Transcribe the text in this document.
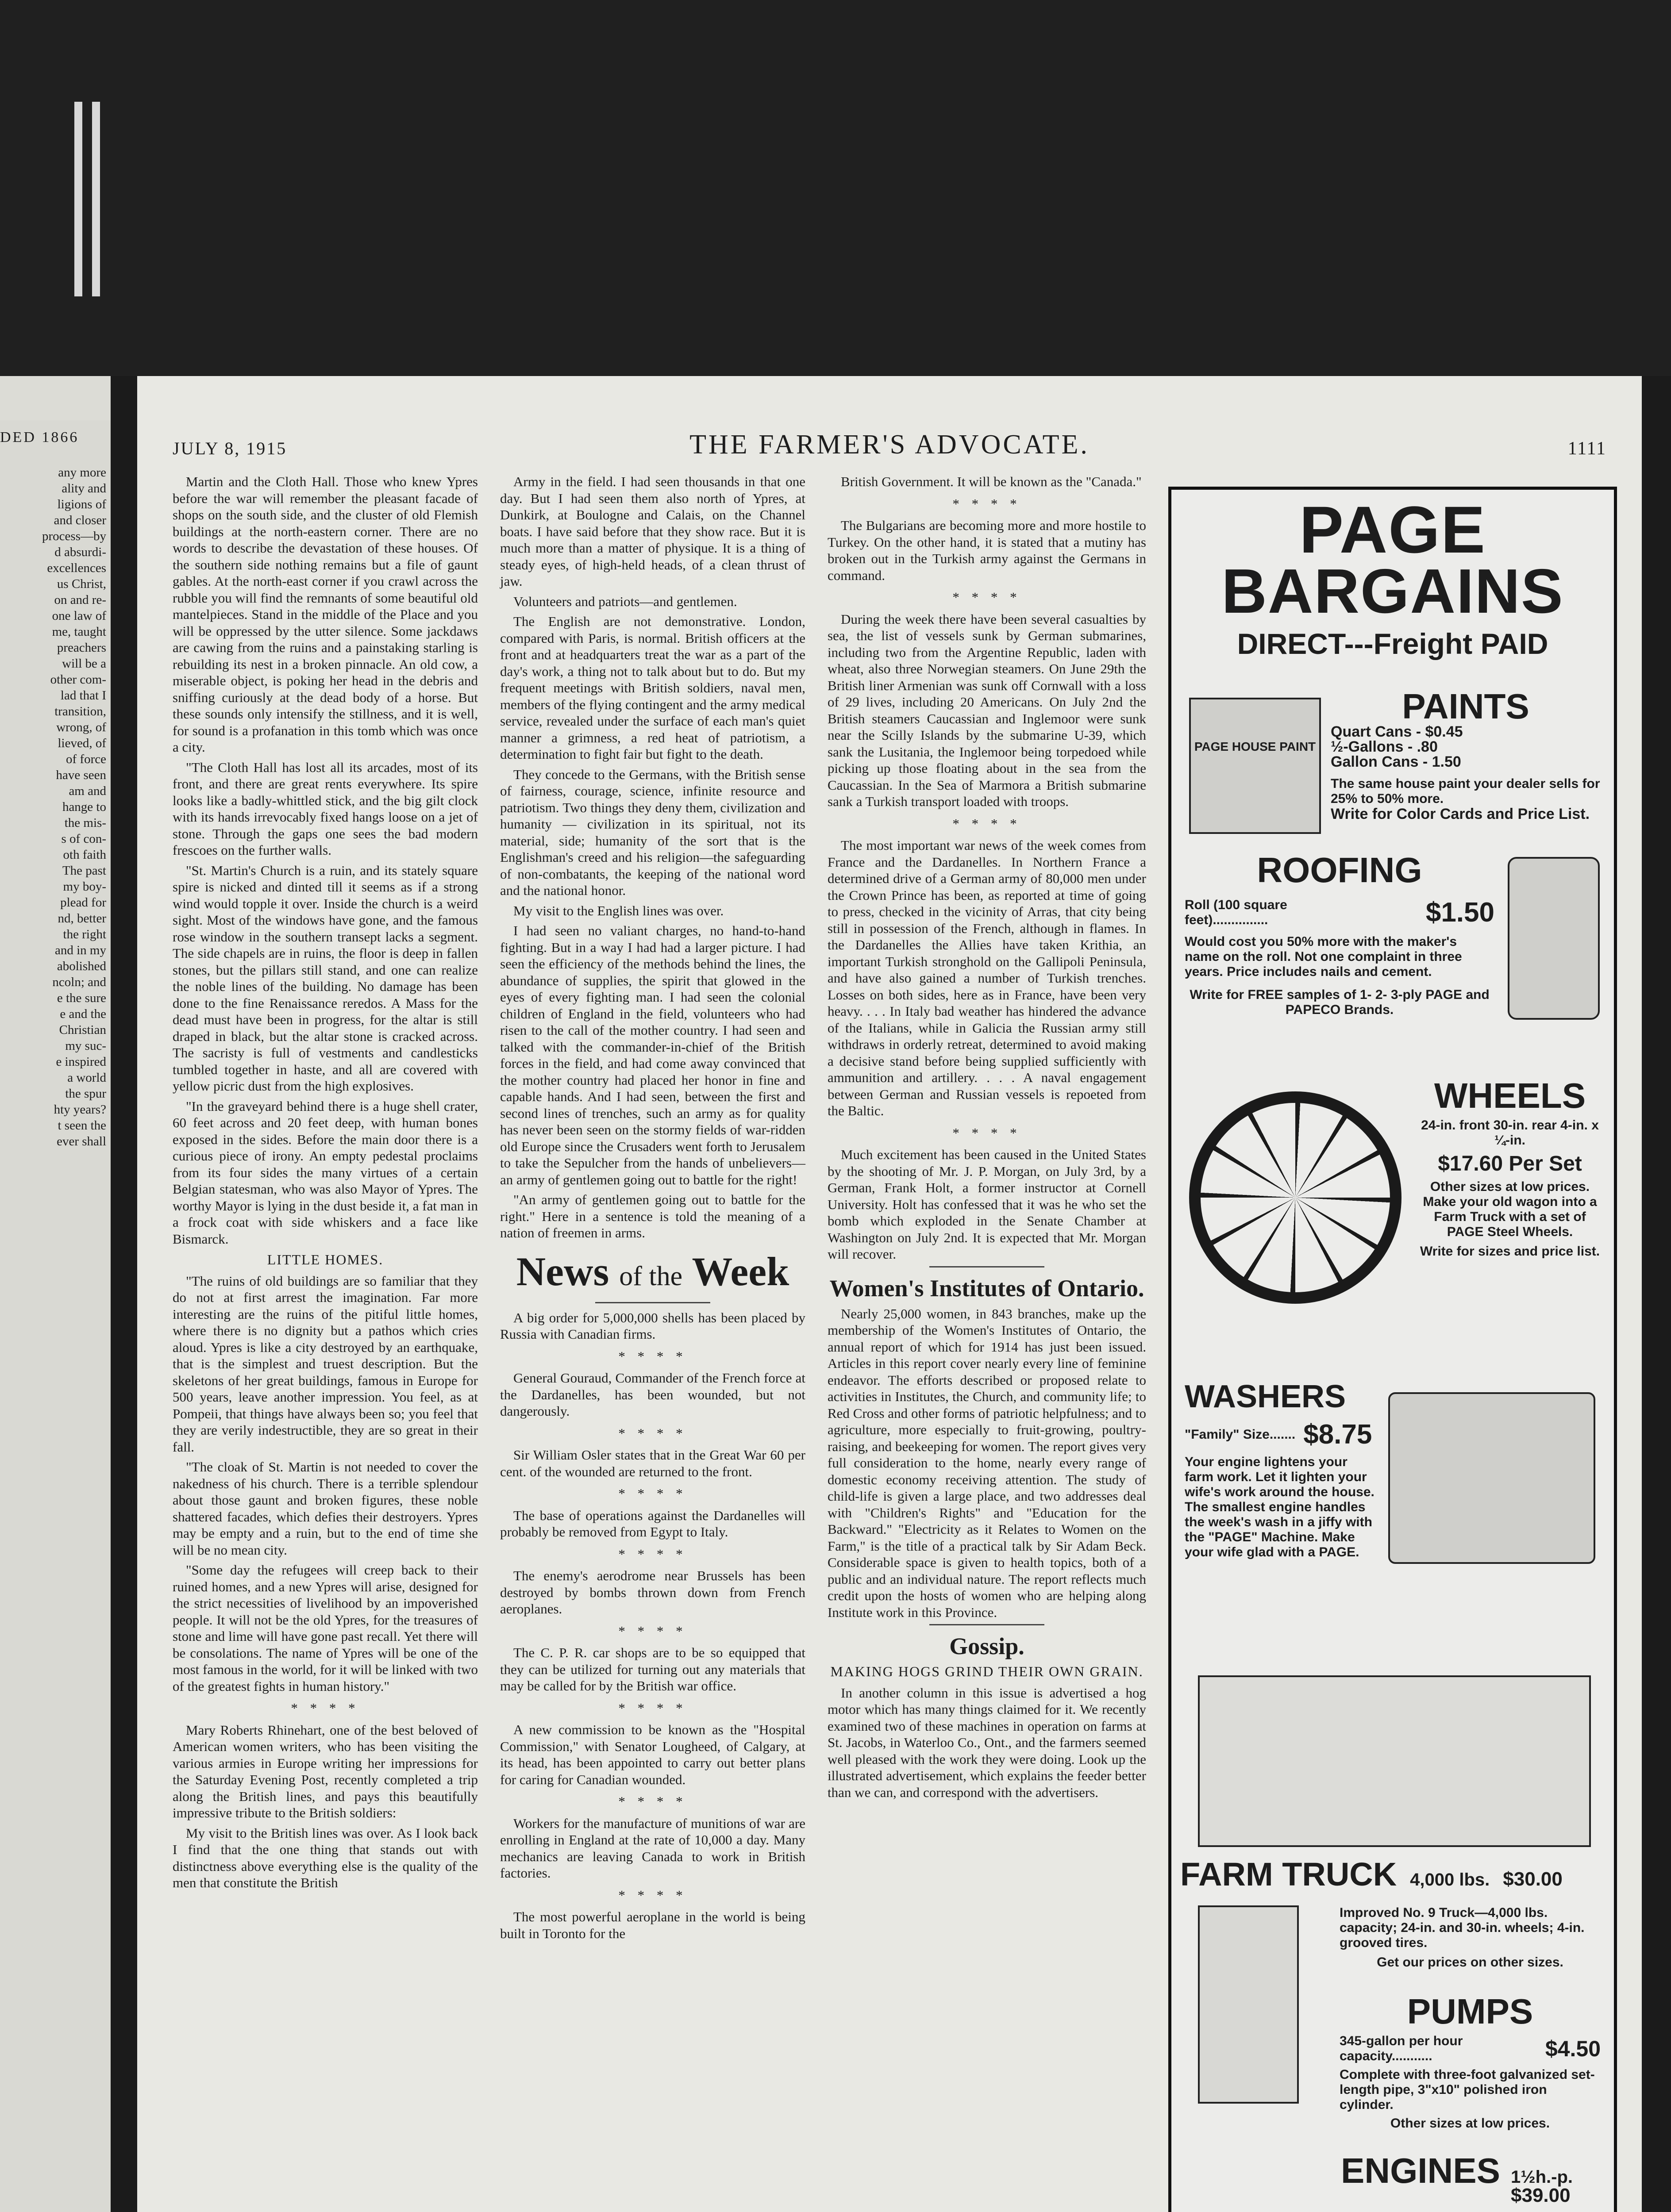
DED 1866
any more
ality and
ligions of
and closer
process—by
d absurdi-
excellences
us Christ,
on and re-
one law of
me, taught
preachers
will be a
other com-
lad that I
transition,
wrong, of
lieved, of
of force
have seen
am and
hange to
the mis-
s of con-
oth faith
The past
my boy-
plead for
nd, better
the right
and in my
abolished
ncoln; and
e the sure
e and the
Christian
my suc-
e inspired
a world
the spur
hty years?
t seen the
ever shall
THE FARMER'S ADVOCATE.
JULY 8, 1915	1111

Martin and the Cloth Hall. Those who knew Ypres before the war will remember the pleasant facade of shops on the south side, and the cluster of old Flemish buildings at the north-eastern corner. There are no words to describe the devastation of these houses. Of the southern side nothing remains but a file of gaunt gables. At the north-east corner if you crawl across the rubble you will find the remnants of some beautiful old mantelpieces. Stand in the middle of the Place and you will be oppressed by the utter silence. Some jackdaws are cawing from the ruins and a painstaking starling is rebuilding its nest in a broken pinnacle. An old cow, a miserable object, is poking her head in the debris and sniffing curiously at the dead body of a horse. But these sounds only intensify the stillness, and it is well, for sound is a profanation in this tomb which was once a city.

"The Cloth Hall has lost all its arcades, most of its front, and there are great rents everywhere. Its spire looks like a badly-whittled stick, and the big gilt clock with its hands irrevocably fixed hangs loose on a jet of stone. Through the gaps one sees the bad modern frescoes on the further walls.

"St. Martin's Church is a ruin, and its stately square spire is nicked and dinted till it seems as if a strong wind would topple it over. Inside the church is a weird sight. Most of the windows have gone, and the famous rose window in the southern transept lacks a segment. The side chapels are in ruins, the floor is deep in fallen stones, but the pillars still stand, and one can realize the noble lines of the building. No damage has been done to the fine Renaissance reredos. A Mass for the dead must have been in progress, for the altar is still draped in black, but the altar stone is cracked across. The sacristy is full of vestments and candlesticks tumbled together in haste, and all are covered with yellow picric dust from the high explosives.

"In the graveyard behind there is a huge shell crater, 60 feet across and 20 feet deep, with human bones exposed in the sides. Before the main door there is a curious piece of irony. An empty pedestal proclaims from its four sides the many virtues of a certain Belgian statesman, who was also Mayor of Ypres. The worthy Mayor is lying in the dust beside it, a fat man in a frock coat with side whiskers and a face like Bismarck.

LITTLE HOMES.

"The ruins of old buildings are so familiar that they do not at first arrest the imagination. Far more interesting are the ruins of the pitiful little homes, where there is no dignity but a pathos which cries aloud. Ypres is like a city destroyed by an earthquake, that is the simplest and truest description. But the skeletons of her great buildings, famous in Europe for 500 years, leave another impression. You feel, as at Pompeii, that things have always been so; you feel that they are verily indestructible, they are so great in their fall.

"The cloak of St. Martin is not needed to cover the nakedness of his church. There is a terrible splendour about those gaunt and broken figures, these noble shattered facades, which defies their destroyers. Ypres may be empty and a ruin, but to the end of time she will be no mean city.

"Some day the refugees will creep back to their ruined homes, and a new Ypres will arise, designed for the strict necessities of livelihood by an impoverished people. It will not be the old Ypres, for the treasures of stone and lime will have gone past recall. Yet there will be consolations. The name of Ypres will be one of the most famous in the world, for it will be linked with two of the greatest fights in human history."

* * * *

Mary Roberts Rhinehart, one of the best beloved of American women writers, who has been visiting the various armies in Europe writing her impressions for the Saturday Evening Post, recently completed a trip along the British lines, and pays this beautifully impressive tribute to the British soldiers:

My visit to the British lines was over. As I look back I find that the one thing that stands out with distinctness above everything else is the quality of the men that constitute the British

Army in the field. I had seen thousands in that one day. But I had seen them also north of Ypres, at Dunkirk, at Boulogne and Calais, on the Channel boats. I have said before that they show race. But it is much more than a matter of physique. It is a thing of steady eyes, of high-held heads, of a clean thrust of jaw.

Volunteers and patriots—and gentlemen.

The English are not demonstrative. London, compared with Paris, is normal. British officers at the front and at headquarters treat the war as a part of the day's work, a thing not to talk about but to do. But my frequent meetings with British soldiers, naval men, members of the flying contingent and the army medical service, revealed under the surface of each man's quiet manner a grimness, a red heat of patriotism, a determination to fight fair but fight to the death.

They concede to the Germans, with the British sense of fairness, courage, science, infinite resource and patriotism. Two things they deny them, civilization and humanity — civilization in its spiritual, not its material, side; humanity of the sort that is the Englishman's creed and his religion—the safeguarding of non-combatants, the keeping of the national word and the national honor.

My visit to the English lines was over.

I had seen no valiant charges, no hand-to-hand fighting. But in a way I had had a larger picture. I had seen the efficiency of the methods behind the lines, the abundance of supplies, the spirit that glowed in the eyes of every fighting man. I had seen the colonial children of England in the field, volunteers who had risen to the call of the mother country. I had seen and talked with the commander-in-chief of the British forces in the field, and had come away convinced that the mother country had placed her honor in fine and capable hands. And I had seen, between the first and second lines of trenches, such an army as for quality has never been seen on the stormy fields of war-ridden old Europe since the Crusaders went forth to Jerusalem to take the Sepulcher from the hands of unbelievers—an army of gentlemen going out to battle for the right!

"An army of gentlemen going out to battle for the right." Here in a sentence is told the meaning of a nation of freemen in arms.

News of the Week

A big order for 5,000,000 shells has been placed by Russia with Canadian firms.

* * * *

General Gouraud, Commander of the French force at the Dardanelles, has been wounded, but not dangerously.

* * * *

Sir William Osler states that in the Great War 60 per cent. of the wounded are returned to the front.

* * * *

The base of operations against the Dardanelles will probably be removed from Egypt to Italy.

* * * *

The enemy's aerodrome near Brussels has been destroyed by bombs thrown down from French aeroplanes.

* * * *

The C. P. R. car shops are to be so equipped that they can be utilized for turning out any materials that may be called for by the British war office.

* * * *

A new commission to be known as the "Hospital Commission," with Senator Lougheed, of Calgary, at its head, has been appointed to carry out better plans for caring for Canadian wounded.

* * * *

Workers for the manufacture of munitions of war are enrolling in England at the rate of 10,000 a day. Many mechanics are leaving Canada to work in British factories.

* * * *

The most powerful aeroplane in the world is being built in Toronto for the

British Government. It will be known as the "Canada."

* * * *

The Bulgarians are becoming more and more hostile to Turkey. On the other hand, it is stated that a mutiny has broken out in the Turkish army against the Germans in command.

* * * *

During the week there have been several casualties by sea, the list of vessels sunk by German submarines, including two from the Argentine Republic, laden with wheat, also three Norwegian steamers. On June 29th the British liner Armenian was sunk off Cornwall with a loss of 29 lives, including 20 Americans. On July 2nd the British steamers Caucassian and Inglemoor were sunk near the Scilly Islands by the submarine U-39, which sank the Lusitania, the Inglemoor being torpedoed while picking up those floating about in the sea from the Caucassian. In the Sea of Marmora a British submarine sank a Turkish transport loaded with troops.

* * * *

The most important war news of the week comes from France and the Dardanelles. In Northern France a determined drive of a German army of 80,000 men under the Crown Prince has been, as reported at time of going to press, checked in the vicinity of Arras, that city being still in possession of the French, although in flames. In the Dardanelles the Allies have taken Krithia, an important Turkish stronghold on the Gallipoli Peninsula, and have also gained a number of Turkish trenches. Losses on both sides, here as in France, have been very heavy. . . . In Italy bad weather has hindered the advance of the Italians, while in Galicia the Russian army still withdraws in orderly retreat, determined to avoid making a decisive stand before being supplied sufficiently with ammunition and artillery. . . . A naval engagement between German and Russian vessels is repoeted from the Baltic.

* * * *

Much excitement has been caused in the United States by the shooting of Mr. J. P. Morgan, on July 3rd, by a German, Frank Holt, a former instructor at Cornell University. Holt has confessed that it was he who set the bomb which exploded in the Senate Chamber at Washington on July 2nd. It is expected that Mr. Morgan will recover.

Women's Institutes of Ontario.

Nearly 25,000 women, in 843 branches, make up the membership of the Women's Institutes of Ontario, the annual report of which for 1914 has just been issued. Articles in this report cover nearly every line of feminine endeavor. The efforts described or proposed relate to activities in Institutes, the Church, and community life; to Red Cross and other forms of patriotic helpfulness; and to agriculture, more especially to fruit-growing, poultry-raising, and beekeeping for women. The report gives very full consideration to the home, nearly every range of domestic economy receiving attention. The study of child-life is given a large place, and two addresses deal with "Children's Rights" and "Education for the Backward." "Electricity as it Relates to Women on the Farm," is the title of a practical talk by Sir Adam Beck. Considerable space is given to health topics, both of a public and an individual nature. The report reflects much credit upon the hosts of women who are helping along Institute work in this Province.

Gossip.

MAKING HOGS GRIND THEIR OWN GRAIN.

In another column in this issue is advertised a hog motor which has many things claimed for it. We recently examined two of these machines in operation on farms at St. Jacobs, in Waterloo Co., Ont., and the farmers seemed well pleased with the work they were doing. Look up the illustrated advertisement, which explains the feeder better than we can, and correspond with the advertisers.

PAGE
BARGAINS
DIRECT---Freight PAID
PAGE HOUSE PAINT
PAINTS
Quart Cans - $0.45
½-Gallons - .80
Gallon Cans - 1.50
The same house paint your dealer sells for 25% to 50% more.
Write for Color Cards and Price List.
ROOFING
Roll (100 square feet)...............	$1.50
Would cost you 50% more with the maker's name on the roll. Not one complaint in three years. Price includes nails and cement.
Write for FREE samples of 1- 2- 3-ply PAGE and PAPECO Brands.
WHEELS
24-in. front 30-in. rear 4-in. x ¼-in.
$17.60 Per Set
Other sizes at low prices. Make your old wagon into a Farm Truck with a set of PAGE Steel Wheels.
Write for sizes and price list.
WASHERS
"Family" Size....... $8.75
Your engine lightens your farm work. Let it lighten your wife's work around the house. The smallest engine handles the week's wash in a jiffy with the "PAGE" Machine. Make your wife glad with a PAGE.
FARM TRUCK 4,000 lbs. $30.00
Improved No. 9 Truck—4,000 lbs. capacity; 24-in. and 30-in. wheels; 4-in. grooved tires.
Get our prices on other sizes.
PUMPS
345-gallon per hour capacity...........	$4.50
Complete with three-foot galvanized set-length pipe, 3"x10" polished iron cylinder.
Other sizes at low prices.
ENGINES 1½h.-p.
$39.00
